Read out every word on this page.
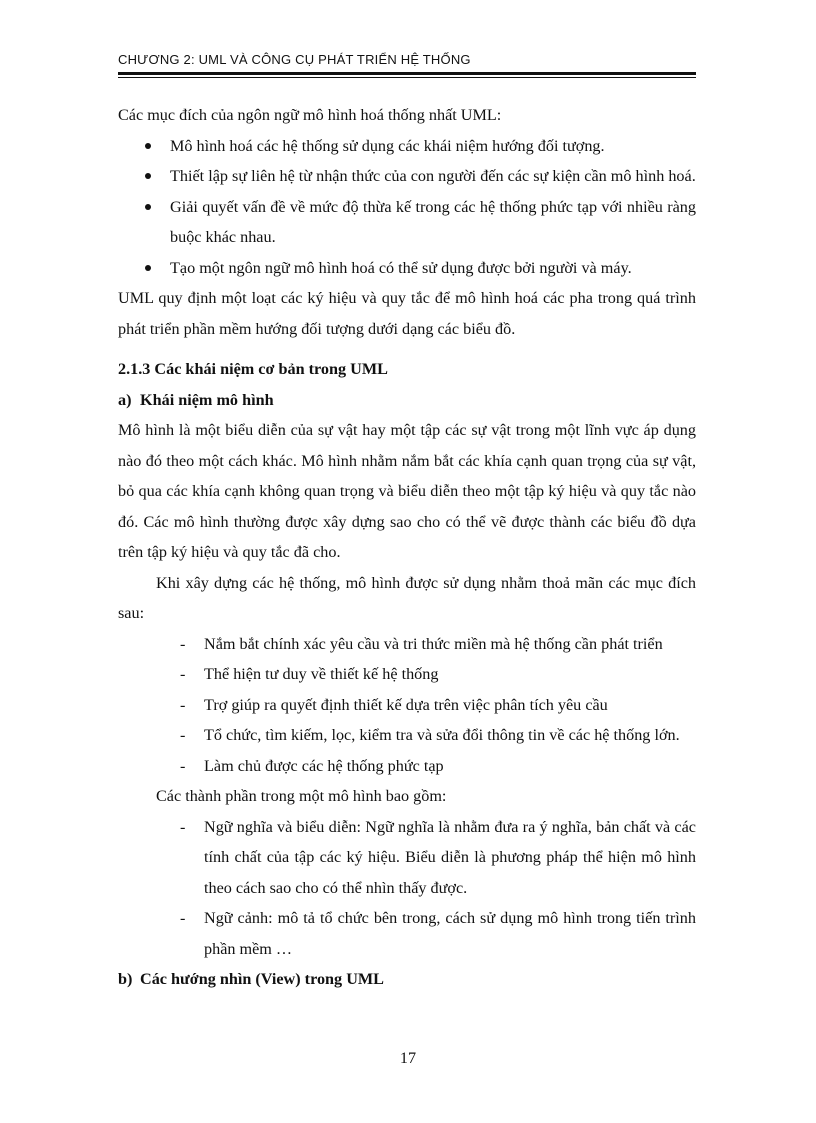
CHƯƠNG 2: UML VÀ CÔNG CỤ PHÁT TRIỂN HỆ THỐNG

Các mục đích của ngôn ngữ mô hình hoá thống nhất UML:

Mô hình hoá các hệ thống sử dụng các khái niệm hướng đối tượng.
Thiết lập sự liên hệ từ nhận thức của con người đến các sự kiện cần mô hình hoá.
Giải quyết vấn đề về mức độ thừa kế trong các hệ thống phức tạp với nhiều ràng buộc khác nhau.
Tạo một ngôn ngữ mô hình hoá có thể sử dụng được bởi người và máy.

UML quy định một loạt các ký hiệu và quy tắc để mô hình hoá các pha trong quá trình phát triển phần mềm hướng đối tượng dưới dạng các biểu đồ.

2.1.3 Các khái niệm cơ bản trong UML

a) Khái niệm mô hình

Mô hình là một biểu diễn của sự vật hay một tập các sự vật trong một lĩnh vực áp dụng nào đó theo một cách khác. Mô hình nhằm nắm bắt các khía cạnh quan trọng của sự vật, bỏ qua các khía cạnh không quan trọng và biểu diễn theo một tập ký hiệu và quy tắc nào đó. Các mô hình thường được xây dựng sao cho có thể vẽ được thành các biểu đồ dựa trên tập ký hiệu và quy tắc đã cho.

Khi xây dựng các hệ thống, mô hình được sử dụng nhằm thoả mãn các mục đích sau:

- Nắm bắt chính xác yêu cầu và tri thức miền mà hệ thống cần phát triển
- Thể hiện tư duy về thiết kế hệ thống
- Trợ giúp ra quyết định thiết kế dựa trên việc phân tích yêu cầu
- Tổ chức, tìm kiếm, lọc, kiểm tra và sửa đổi thông tin về các hệ thống lớn.
- Làm chủ được các hệ thống phức tạp

Các thành phần trong một mô hình bao gồm:

- Ngữ nghĩa và biểu diễn: Ngữ nghĩa là nhằm đưa ra ý nghĩa, bản chất và các tính chất của tập các ký hiệu. Biểu diễn là phương pháp thể hiện mô hình theo cách sao cho có thể nhìn thấy được.
- Ngữ cảnh: mô tả tổ chức bên trong, cách sử dụng mô hình trong tiến trình phần mềm …

b) Các hướng nhìn (View) trong UML

17
